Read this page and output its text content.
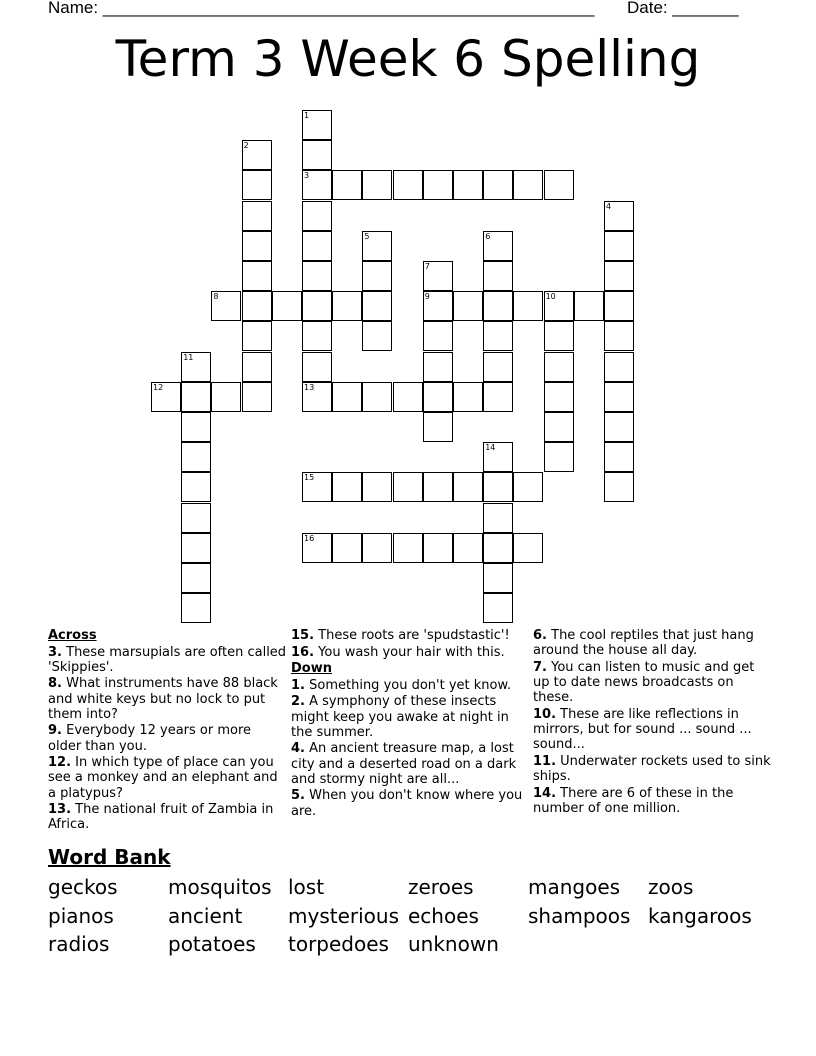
Name: ____________________________________________________ Date: _______
Term 3 Week 6 Spelling
1
3
2
4
5	6
7
9
8	10
11
12	13
14
15
16

Across

3. These marsupials are often called 'Skippies'.

8. What instruments have 88 black and white keys but no lock to put them into?

9. Everybody 12 years or more older than you.

12. In which type of place can you see a monkey and an elephant and a platypus?

13. The national fruit of Zambia in Africa.

15. These roots are 'spudstastic'!

16. You wash your hair with this.

Down

1. Something you don't yet know.

2. A symphony of these insects might keep you awake at night in the summer.

4. An ancient treasure map, a lost city and a deserted road on a dark and stormy night are all...

5. When you don't know where you are.

6. The cool reptiles that just hang around the house all day.

7. You can listen to music and get up to date news broadcasts on these.

10. These are like reflections in mirrors, but for sound ... sound ... sound...

11. Underwater rockets used to sink ships.

14. There are 6 of these in the number of one million.

Word Bank
geckos	mosquitos lost	zeroes	mangoes	zoos
pianos	ancient	mysterious echoes	shampoos kangaroos
radios	potatoes	torpedoes unknown
